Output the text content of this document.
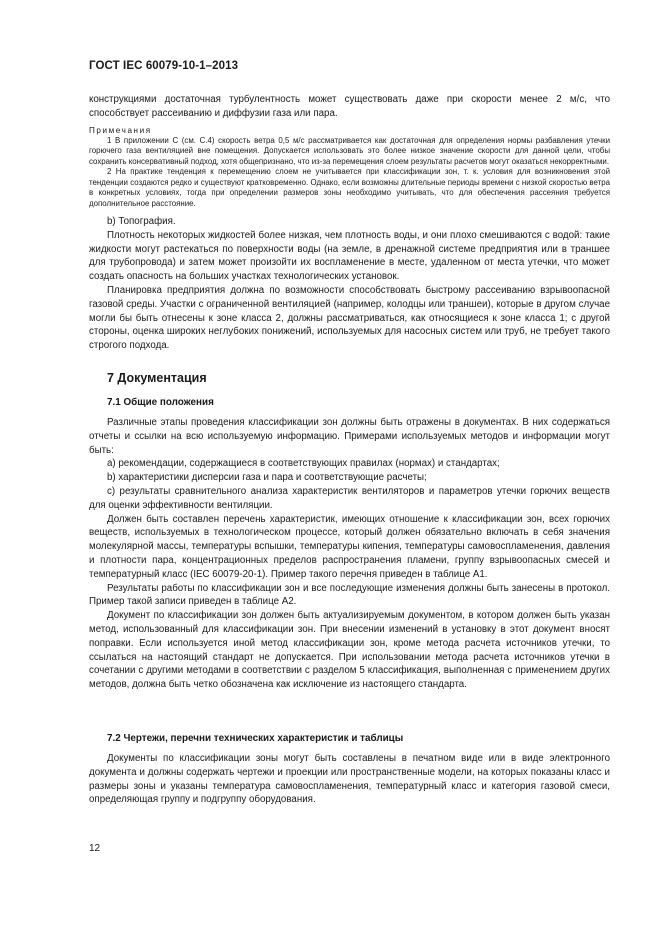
ГОСТ IEC 60079-10-1–2013

конструкциями достаточная турбулентность может существовать даже при скорости менее 2 м/с, что способствует рассеиванию и диффузии газа или пара.

Примечания

1 В приложении С (см. С.4) скорость ветра 0,5 м/с рассматривается как достаточная для определения нормы разбавления утечки горючего газа вентиляцией вне помещения. Допускается использовать это более низкое значение скорости для данной цели, чтобы сохранить консервативный подход, хотя общепризнано, что из-за перемещения слоем результаты расчетов могут оказаться некорректными.

2 На практике тенденция к перемещению слоем не учитывается при классификации зон, т. к. условия для возникновения этой тенденции создаются редко и существуют кратковременно. Однако, если возможны длительные периоды времени с низкой скоростью ветра в конкретных условиях, тогда при определении размеров зоны необходимо учитывать, что для обеспечения рассеяния требуется дополнительное расстояние.

b) Топография.

Плотность некоторых жидкостей более низкая, чем плотность воды, и они плохо смешиваются с водой: такие жидкости могут растекаться по поверхности воды (на земле, в дренажной системе предприятия или в траншее для трубопровода) и затем может произойти их воспламенение в месте, удаленном от места утечки, что может создать опасность на больших участках технологических установок.

Планировка предприятия должна по возможности способствовать быстрому рассеиванию взрывоопасной газовой среды. Участки с ограниченной вентиляцией (например, колодцы или траншеи), которые в другом случае могли бы быть отнесены к зоне класса 2, должны рассматриваться, как относящиеся к зоне класса 1; с другой стороны, оценка широких неглубоких понижений, используемых для насосных систем или труб, не требует такого строгого подхода.

7 Документация
7.1 Общие положения

Различные этапы проведения классификации зон должны быть отражены в документах. В них содержаться отчеты и ссылки на всю используемую информацию. Примерами используемых методов и информации могут быть:

а) рекомендации, содержащиеся в соответствующих правилах (нормах) и стандартах;

b) характеристики дисперсии газа и пара и соответствующие расчеты;

с) результаты сравнительного анализа характеристик вентиляторов и параметров утечки горючих веществ для оценки эффективности вентиляции.

Должен быть составлен перечень характеристик, имеющих отношение к классификации зон, всех горючих веществ, используемых в технологическом процессе, который должен обязательно включать в себя значения молекулярной массы, температуры вспышки, температуры кипения, температуры самовоспламенения, давления и плотности пара, концентрационных пределов распространения пламени, группу взрывоопасных смесей и температурный класс (IEC 60079-20-1). Пример такого перечня приведен в таблице А1.

Результаты работы по классификации зон и все последующие изменения должны быть занесены в протокол. Пример такой записи приведен в таблице А2.

Документ по классификации зон должен быть актуализируемым документом, в котором должен быть указан метод, использованный для классификации зон. При внесении изменений в установку в этот документ вносят поправки. Если используется иной метод классификации зон, кроме метода расчета источников утечки, то ссылаться на настоящий стандарт не допускается. При использовании метода расчета источников утечки в сочетании с другими методами в соответствии с разделом 5 классификация, выполненная с применением других методов, должна быть четко обозначена как исключение из настоящего стандарта.

7.2 Чертежи, перечни технических характеристик и таблицы

Документы по классификации зоны могут быть составлены в печатном виде или в виде электронного документа и должны содержать чертежи и проекции или пространственные модели, на которых показаны класс и размеры зоны и указаны температура самовоспламенения, температурный класс и категория газовой смеси, определяющая группу и подгруппу оборудования.

12
